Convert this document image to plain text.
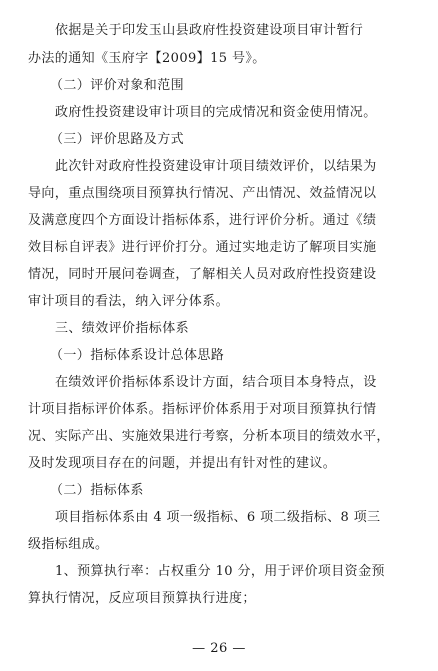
依据是关于印发玉山县政府性投资建设项目审计暂行
办法的通知《玉府字【2009】15 号》。
（二）评价对象和范围
政府性投资建设审计项目的完成情况和资金使用情况。
（三）评价思路及方式
此次针对政府性投资建设审计项目绩效评价，以结果为
导向，重点围绕项目预算执行情况、产出情况、效益情况以
及满意度四个方面设计指标体系，进行评价分析。通过《绩
效目标自评表》进行评价打分。通过实地走访了解项目实施
情况，同时开展问卷调查，了解相关人员对政府性投资建设
审计项目的看法，纳入评分体系。
三、绩效评价指标体系
（一）指标体系设计总体思路
在绩效评价指标体系设计方面，结合项目本身特点，设
计项目指标评价体系。指标评价体系用于对项目预算执行情
况、实际产出、实施效果进行考察，分析本项目的绩效水平，
及时发现项目存在的问题，并提出有针对性的建议。
（二）指标体系
项目指标体系由 4 项一级指标、6 项二级指标、8 项三
级指标组成。
1、预算执行率：占权重分 10 分，用于评价项目资金预
算执行情况，反应项目预算执行进度；
— 26 —
